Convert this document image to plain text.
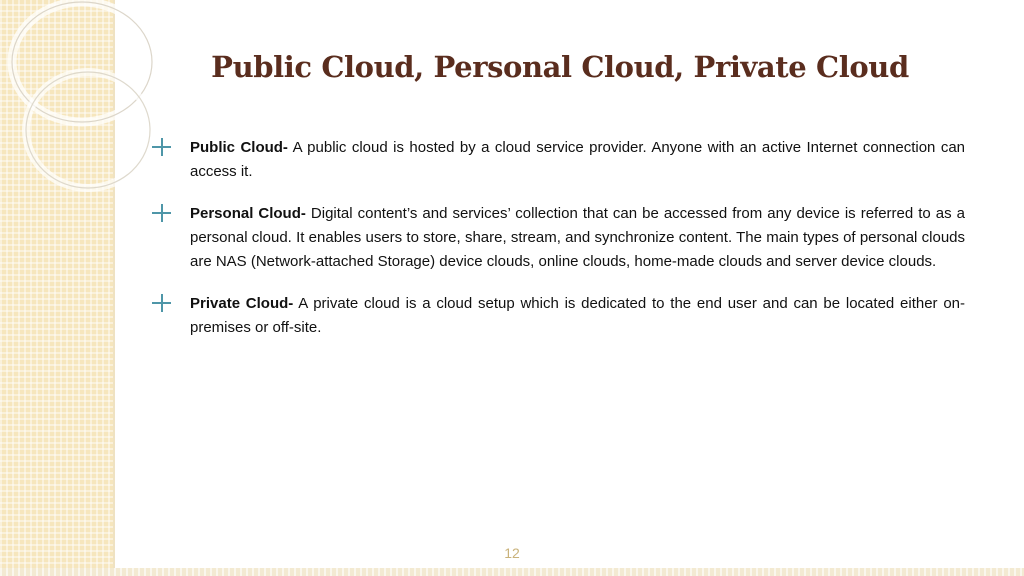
Public Cloud, Personal Cloud, Private Cloud

Public Cloud- A public cloud is hosted by a cloud service provider. Anyone with an active Internet connection can access it.

Personal Cloud- Digital content’s and services’ collection that can be accessed from any device is referred to as a personal cloud. It enables users to store, share, stream, and synchronize content. The main types of personal clouds are NAS (Network-attached Storage) device clouds, online clouds, home-made clouds and server device clouds.

Private Cloud- A private cloud is a cloud setup which is dedicated to the end user and can be located either on-premises or off-site.

12
